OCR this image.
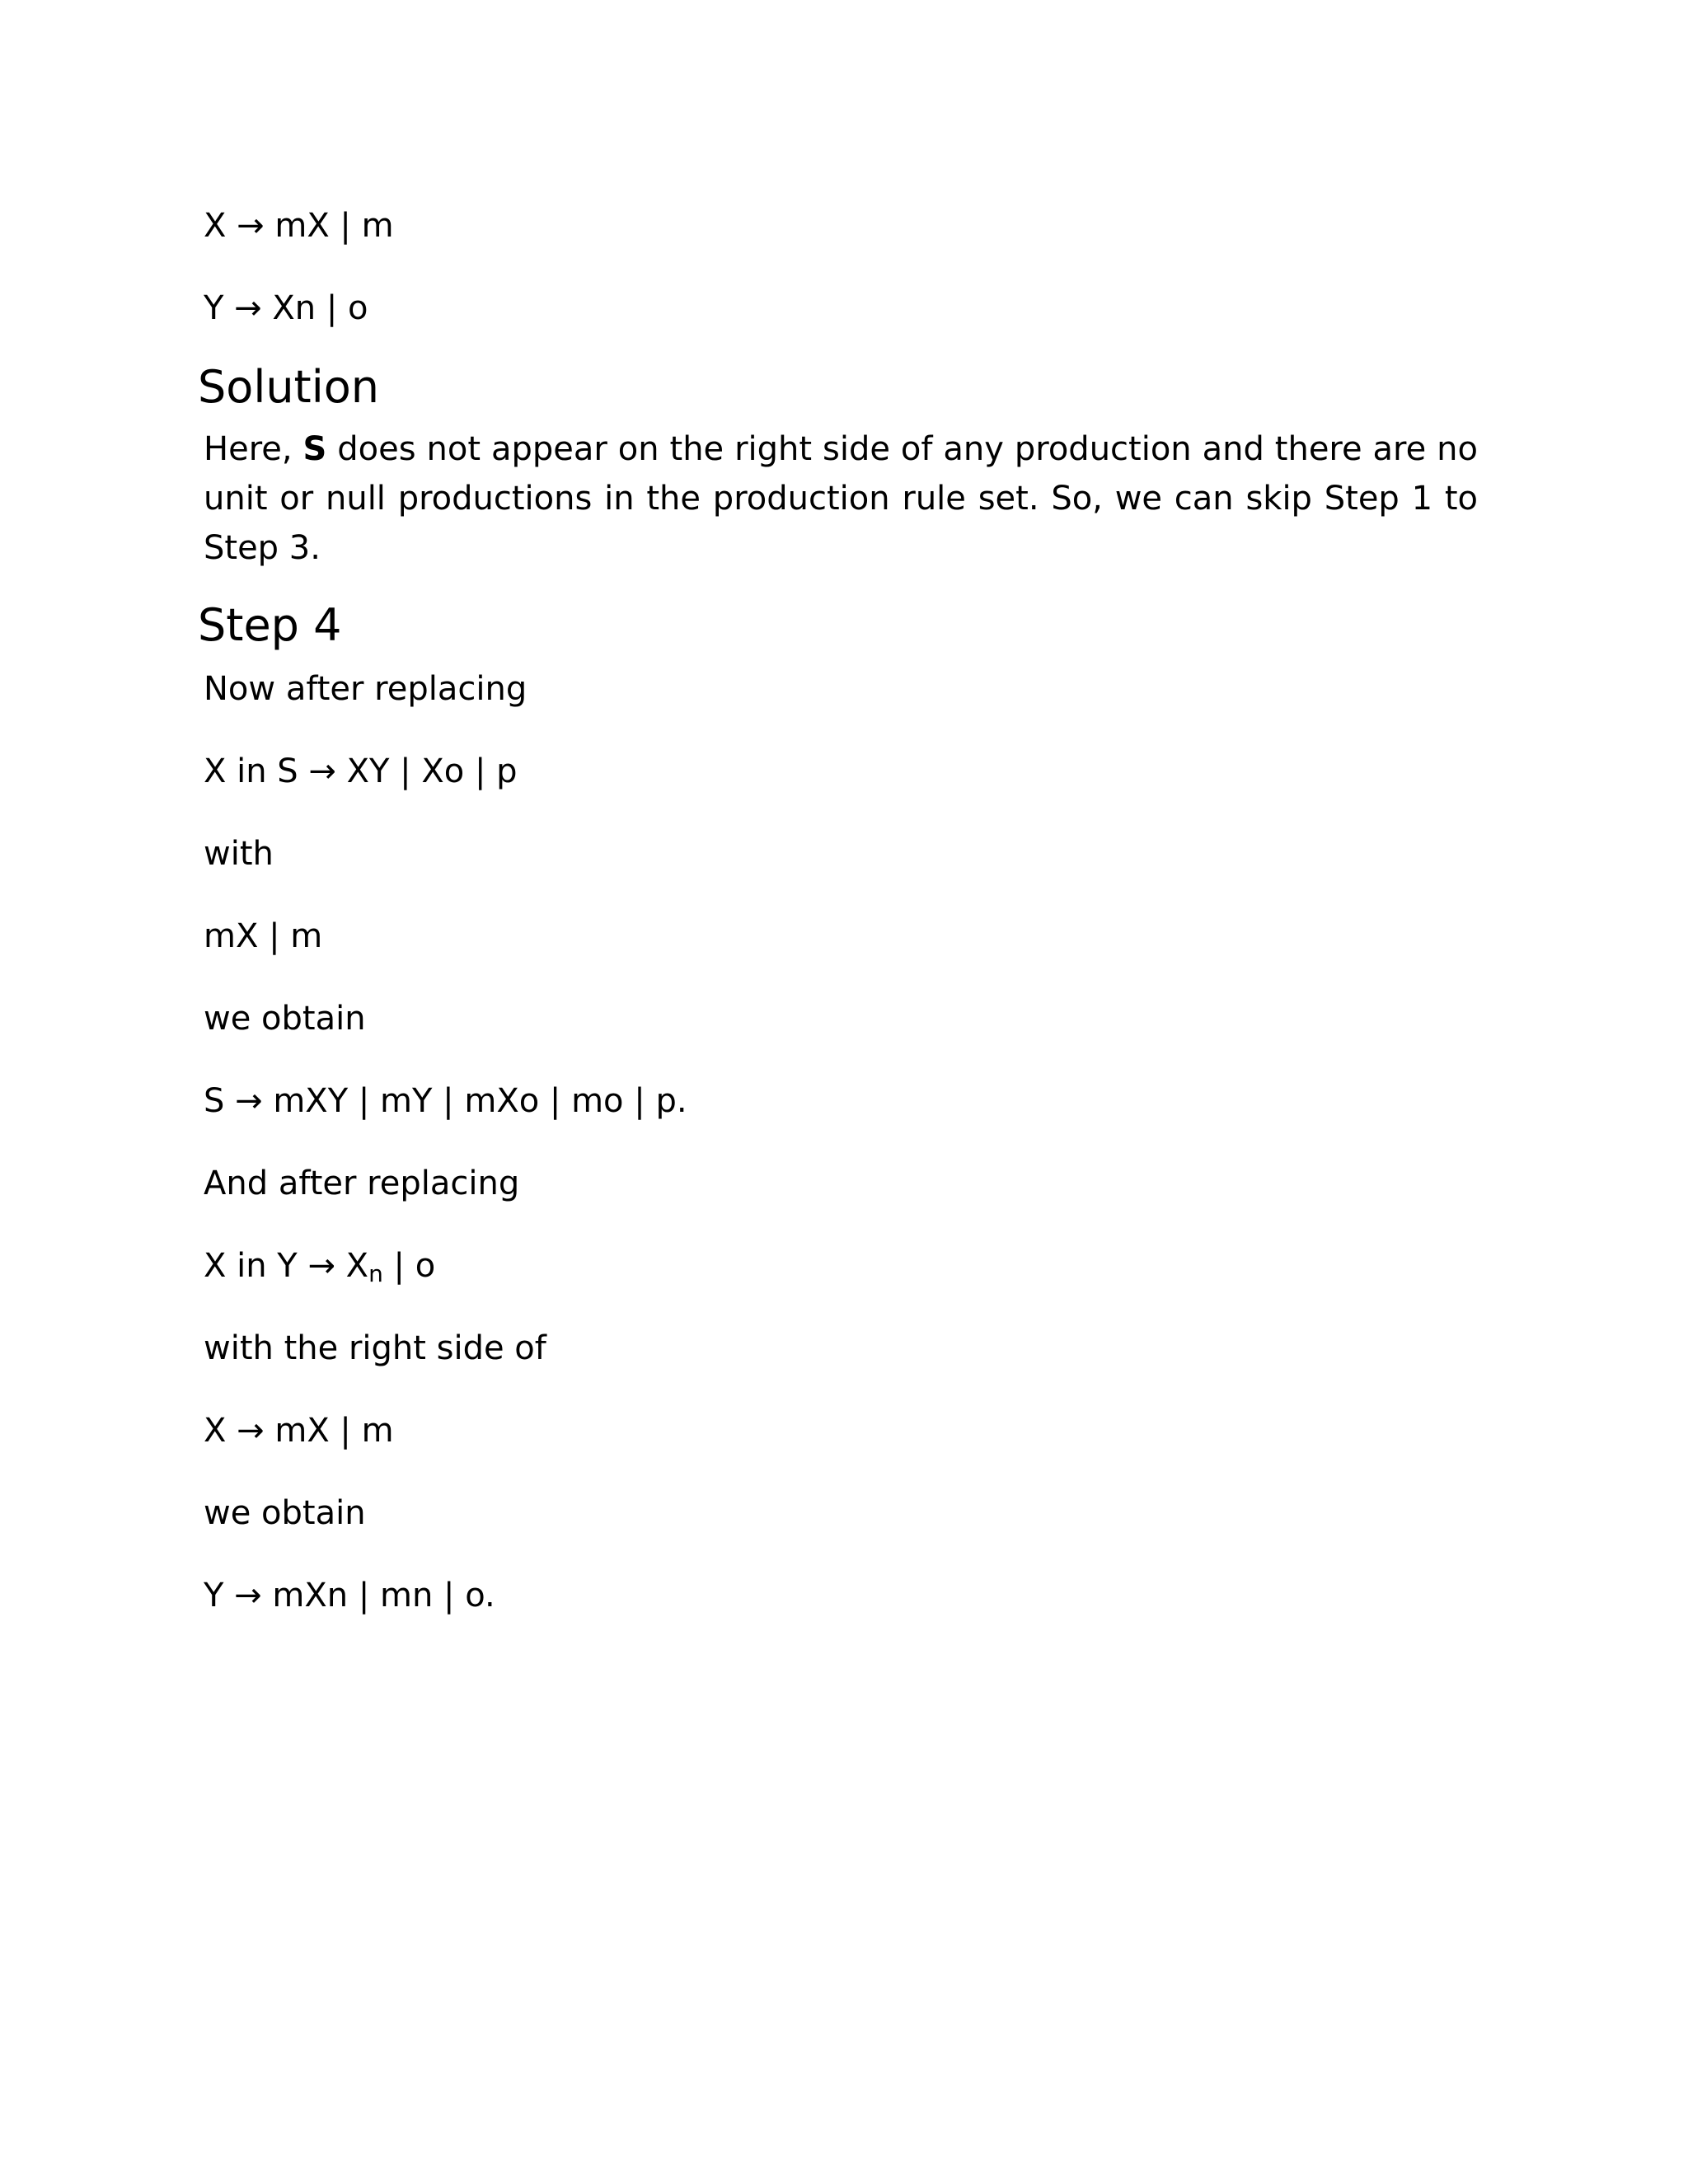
X → mX | m
Y → Xn | o
Solution
Here, S does not appear on the right side of any production and there are no unit or null productions in the production rule set. So, we can skip Step 1 to Step 3.
Step 4
Now after replacing
X in S → XY | Xo | p
with
mX | m
we obtain
S → mXY | mY | mXo | mo | p.
And after replacing
X in $Y \to X_n$ | o
with the right side of
X → mX | m
we obtain
Y → mXn | mn | o.
